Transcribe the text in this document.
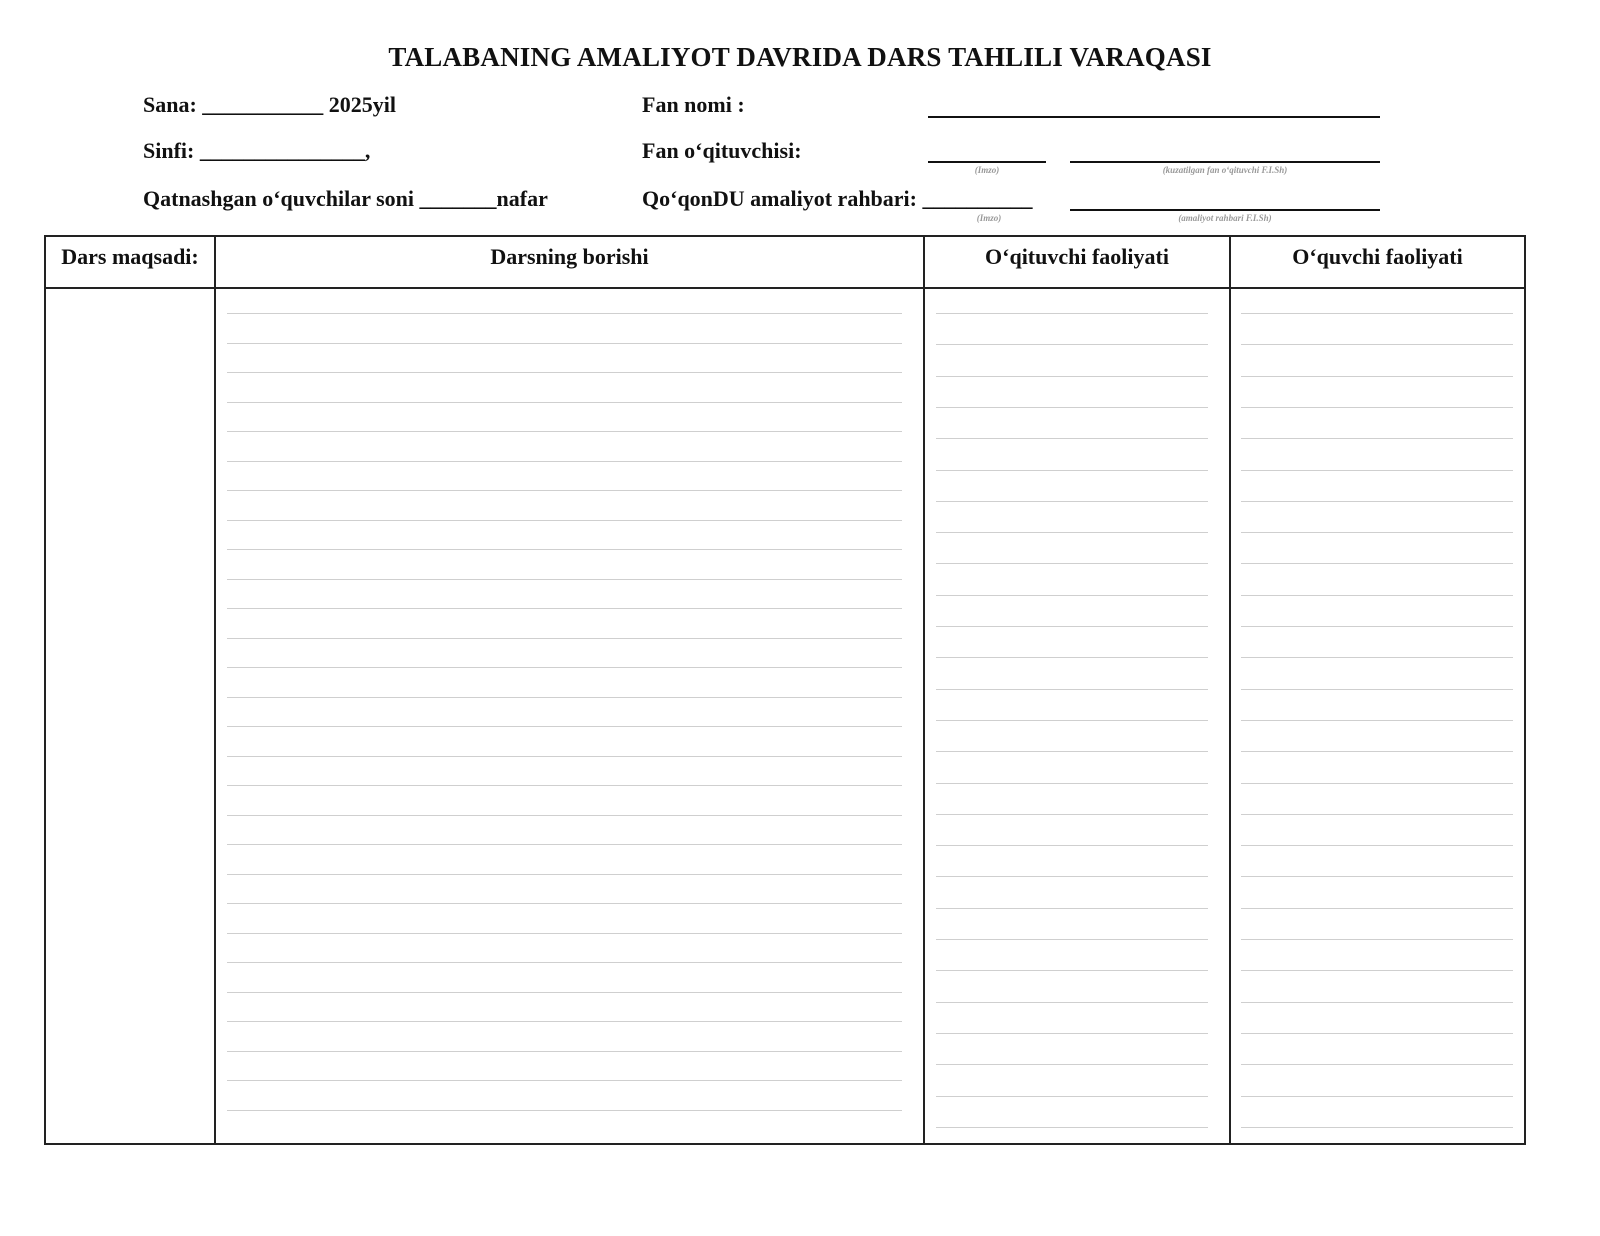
TALABANING AMALIYOT DAVRIDA DARS TAHLILI VARAQASI
Sana: ___________ 2025yil
Sinfi: _______________,
Qatnashgan o‘quvchilar soni _______nafar
Fan nomi :
Fan o‘qituvchisi:
(Imzo)	(kuzatilgan fan o‘qituvchi F.I.Sh)
Qo‘qonDU amaliyot rahbari: __________
(Imzo)	(amaliyot rahbari F.I.Sh)
Dars maqsadi:	Darsning borishi	O‘qituvchi faoliyati	O‘quvchi faoliyati
